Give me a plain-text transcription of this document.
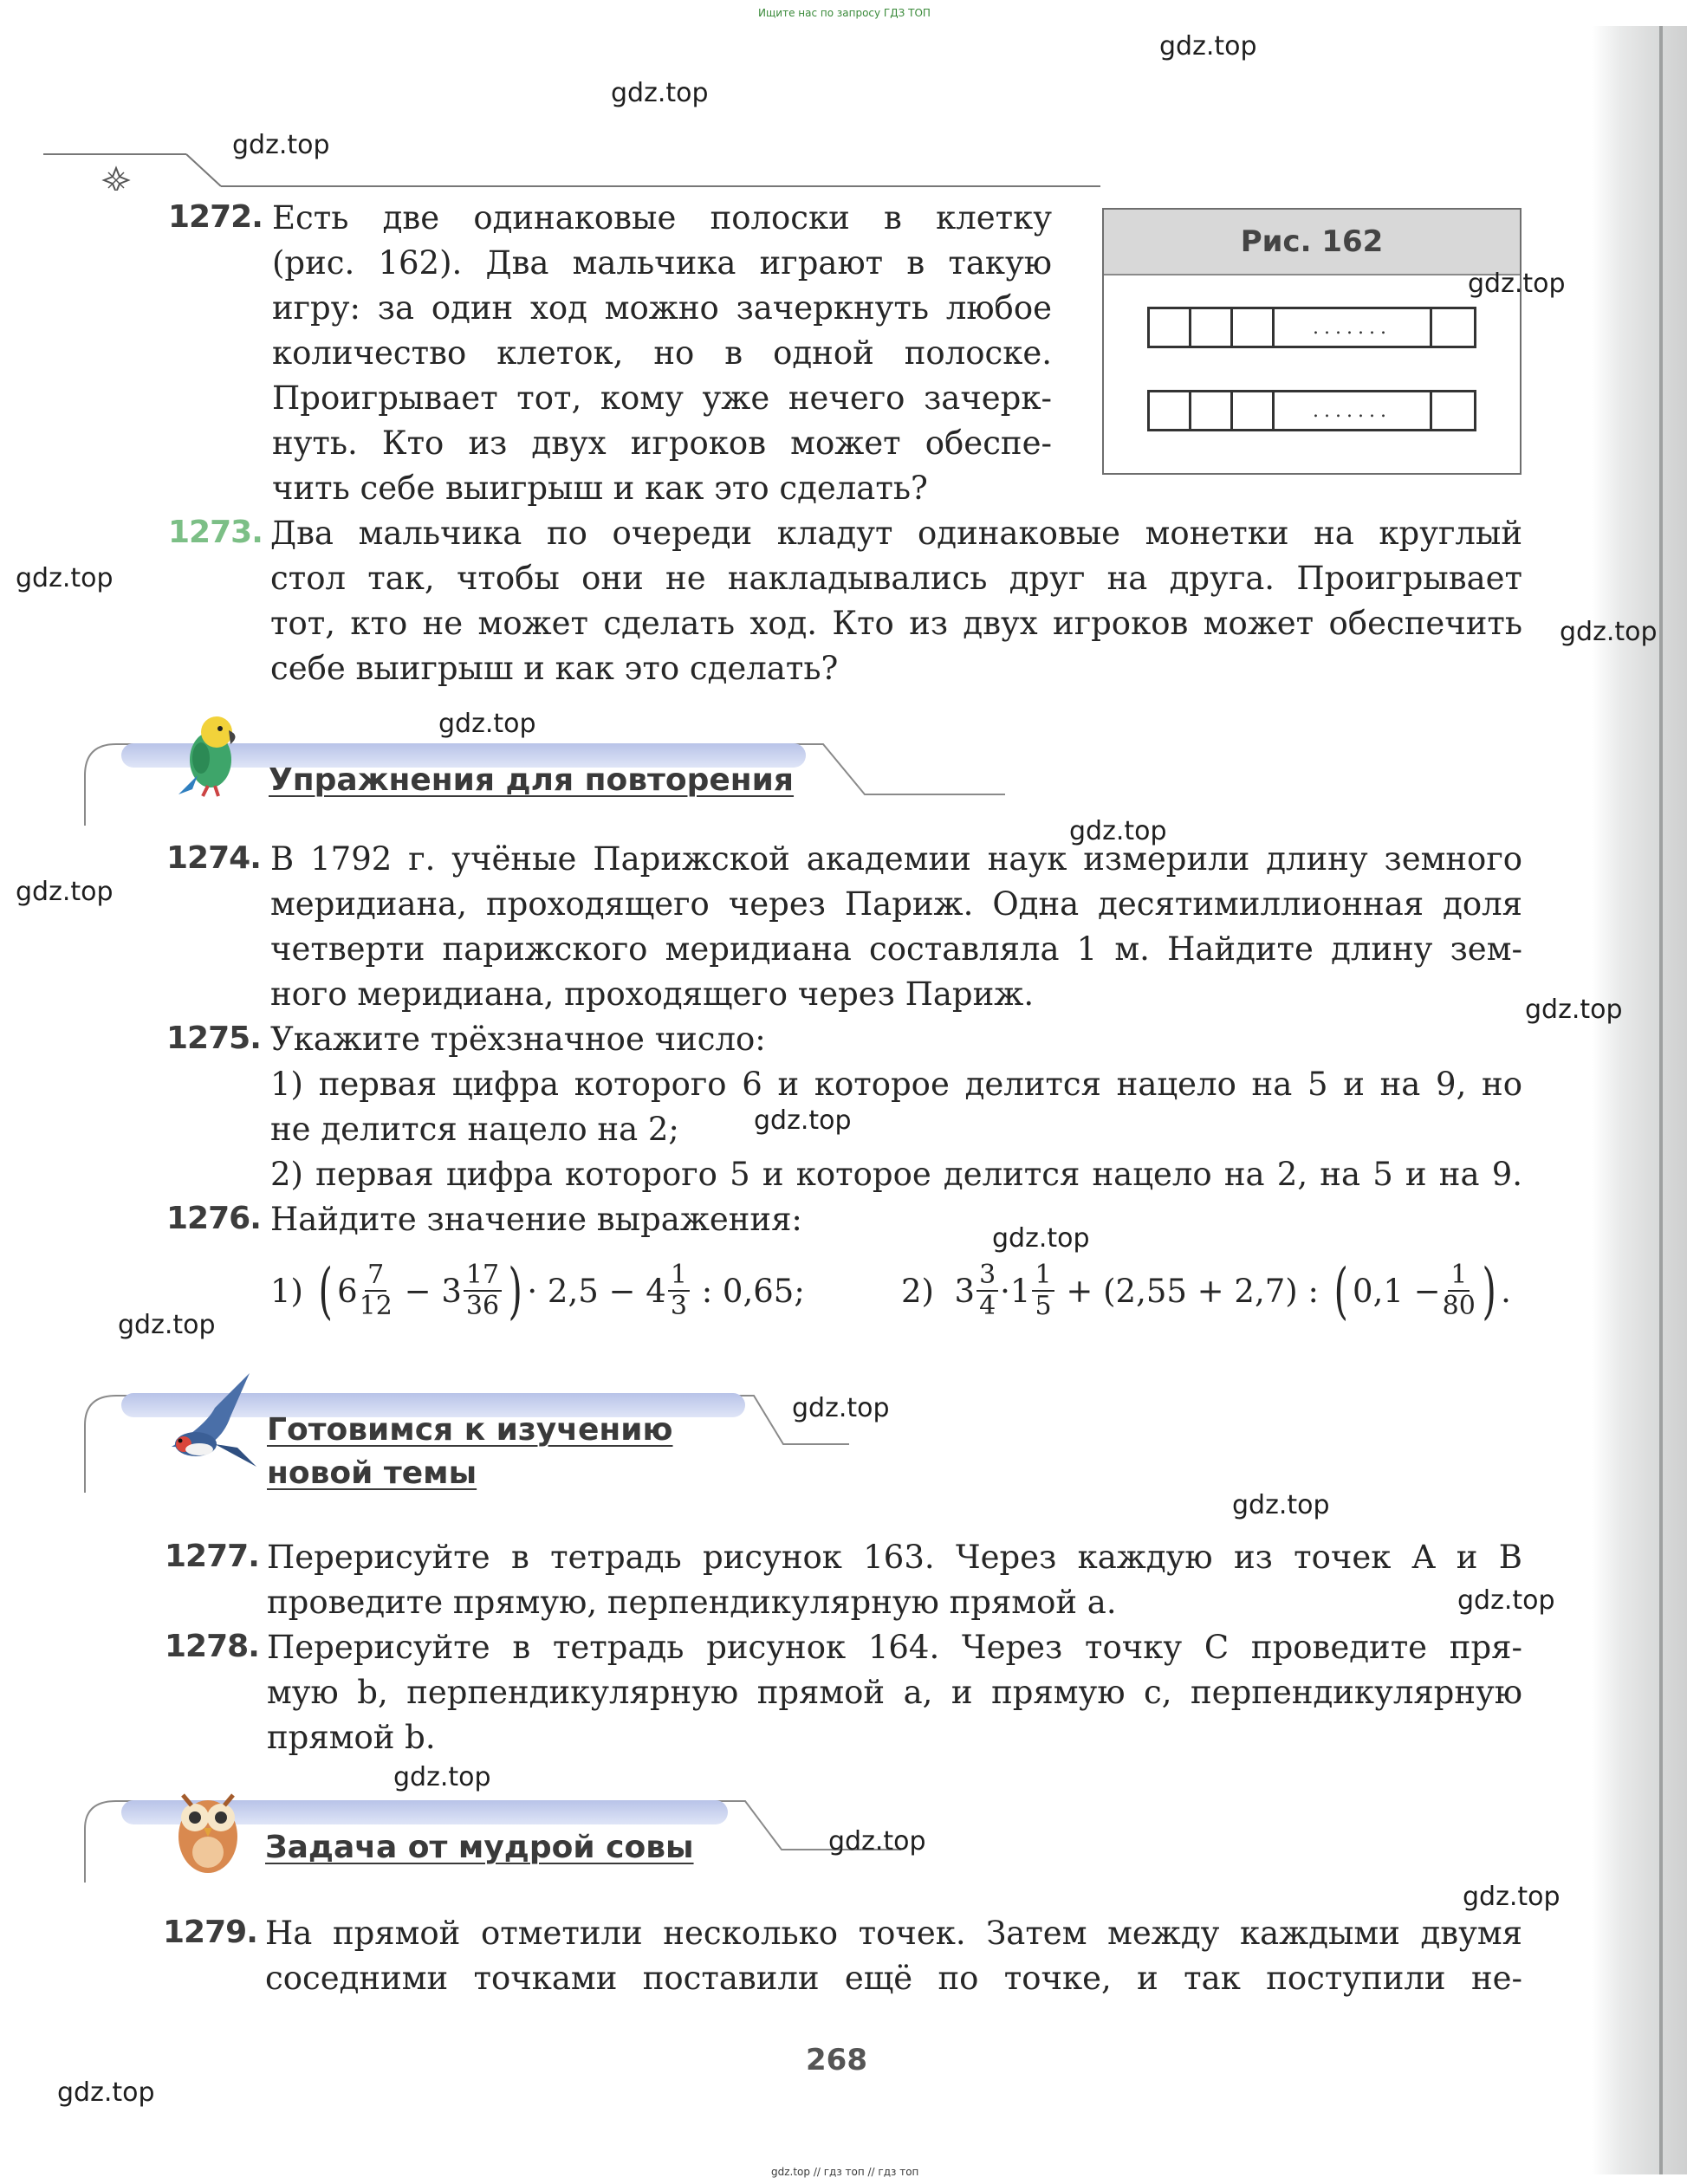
Ищите нас по запросу ГДЗ ТОП
1272. Есть две одинаковые полоски в клетку
(рис. 162). Два мальчика играют в такую
игру: за один ход можно зачеркнуть любое
количество клеток, но в одной полоске.
Проигрывает тот, кому уже нечего зачерк-
нуть. Кто из двух игроков может обеспе-
чить себе выигрыш и как это сделать?
Рис. 162
.......
.......
1273. Два мальчика по очереди кладут одинаковые монетки на круглый
стол так, чтобы они не накладывались друг на друга. Проигрывает
тот, кто не может сделать ход. Кто из двух игроков может обеспечить
себе выигрыш и как это сделать?
Упражнения для повторения
1274. В 1792 г. учёные Парижской академии наук измерили длину земного
меридиана, проходящего через Париж. Одна десятимиллионная доля
четверти парижского меридиана составляла 1 м. Найдите длину зем-
ного меридиана, проходящего через Париж.
1275. Укажите трёхзначное число:
1) первая цифра которого 6 и которое делится нацело на 5 и на 9, но
не делится нацело на 2;
2) первая цифра которого 5 и которое делится нацело на 2, на 5 и на 9.
1276. Найдите значение выражения:
1)
( $6 \frac{7}{12}$
−
$3 \frac{17}{36}$ ) · 2,5 −
$4 \frac{1}{3}$
: 0,65;	2)
$3 \frac{3}{4} \cdot 1 \frac{1}{5}$
+ (2,55 + 2,7) :
( $0,1 - \frac{1}{80}$ ) .
Готовимся к изучению
новой темы
1277. Перерисуйте в тетрадь рисунок 163. Через каждую из точек A и B
проведите прямую, перпендикулярную прямой a.
1278. Перерисуйте в тетрадь рисунок 164. Через точку C проведите пря-
мую b, перпендикулярную прямой a, и прямую c, перпендикулярную
прямой b.
Задача от мудрой совы
1279. На прямой отметили несколько точек. Затем между каждыми двумя
соседними точками поставили ещё по точке, и так поступили не-
268
gdz.top // гдз топ // гдз топ
gdz.top
gdz.top
gdz.top
gdz.top
gdz.top
gdz.top
gdz.top
gdz.top
gdz.top
gdz.top
gdz.top
gdz.top
gdz.top
gdz.top
gdz.top
gdz.top
gdz.top
gdz.top
gdz.top
gdz.top
